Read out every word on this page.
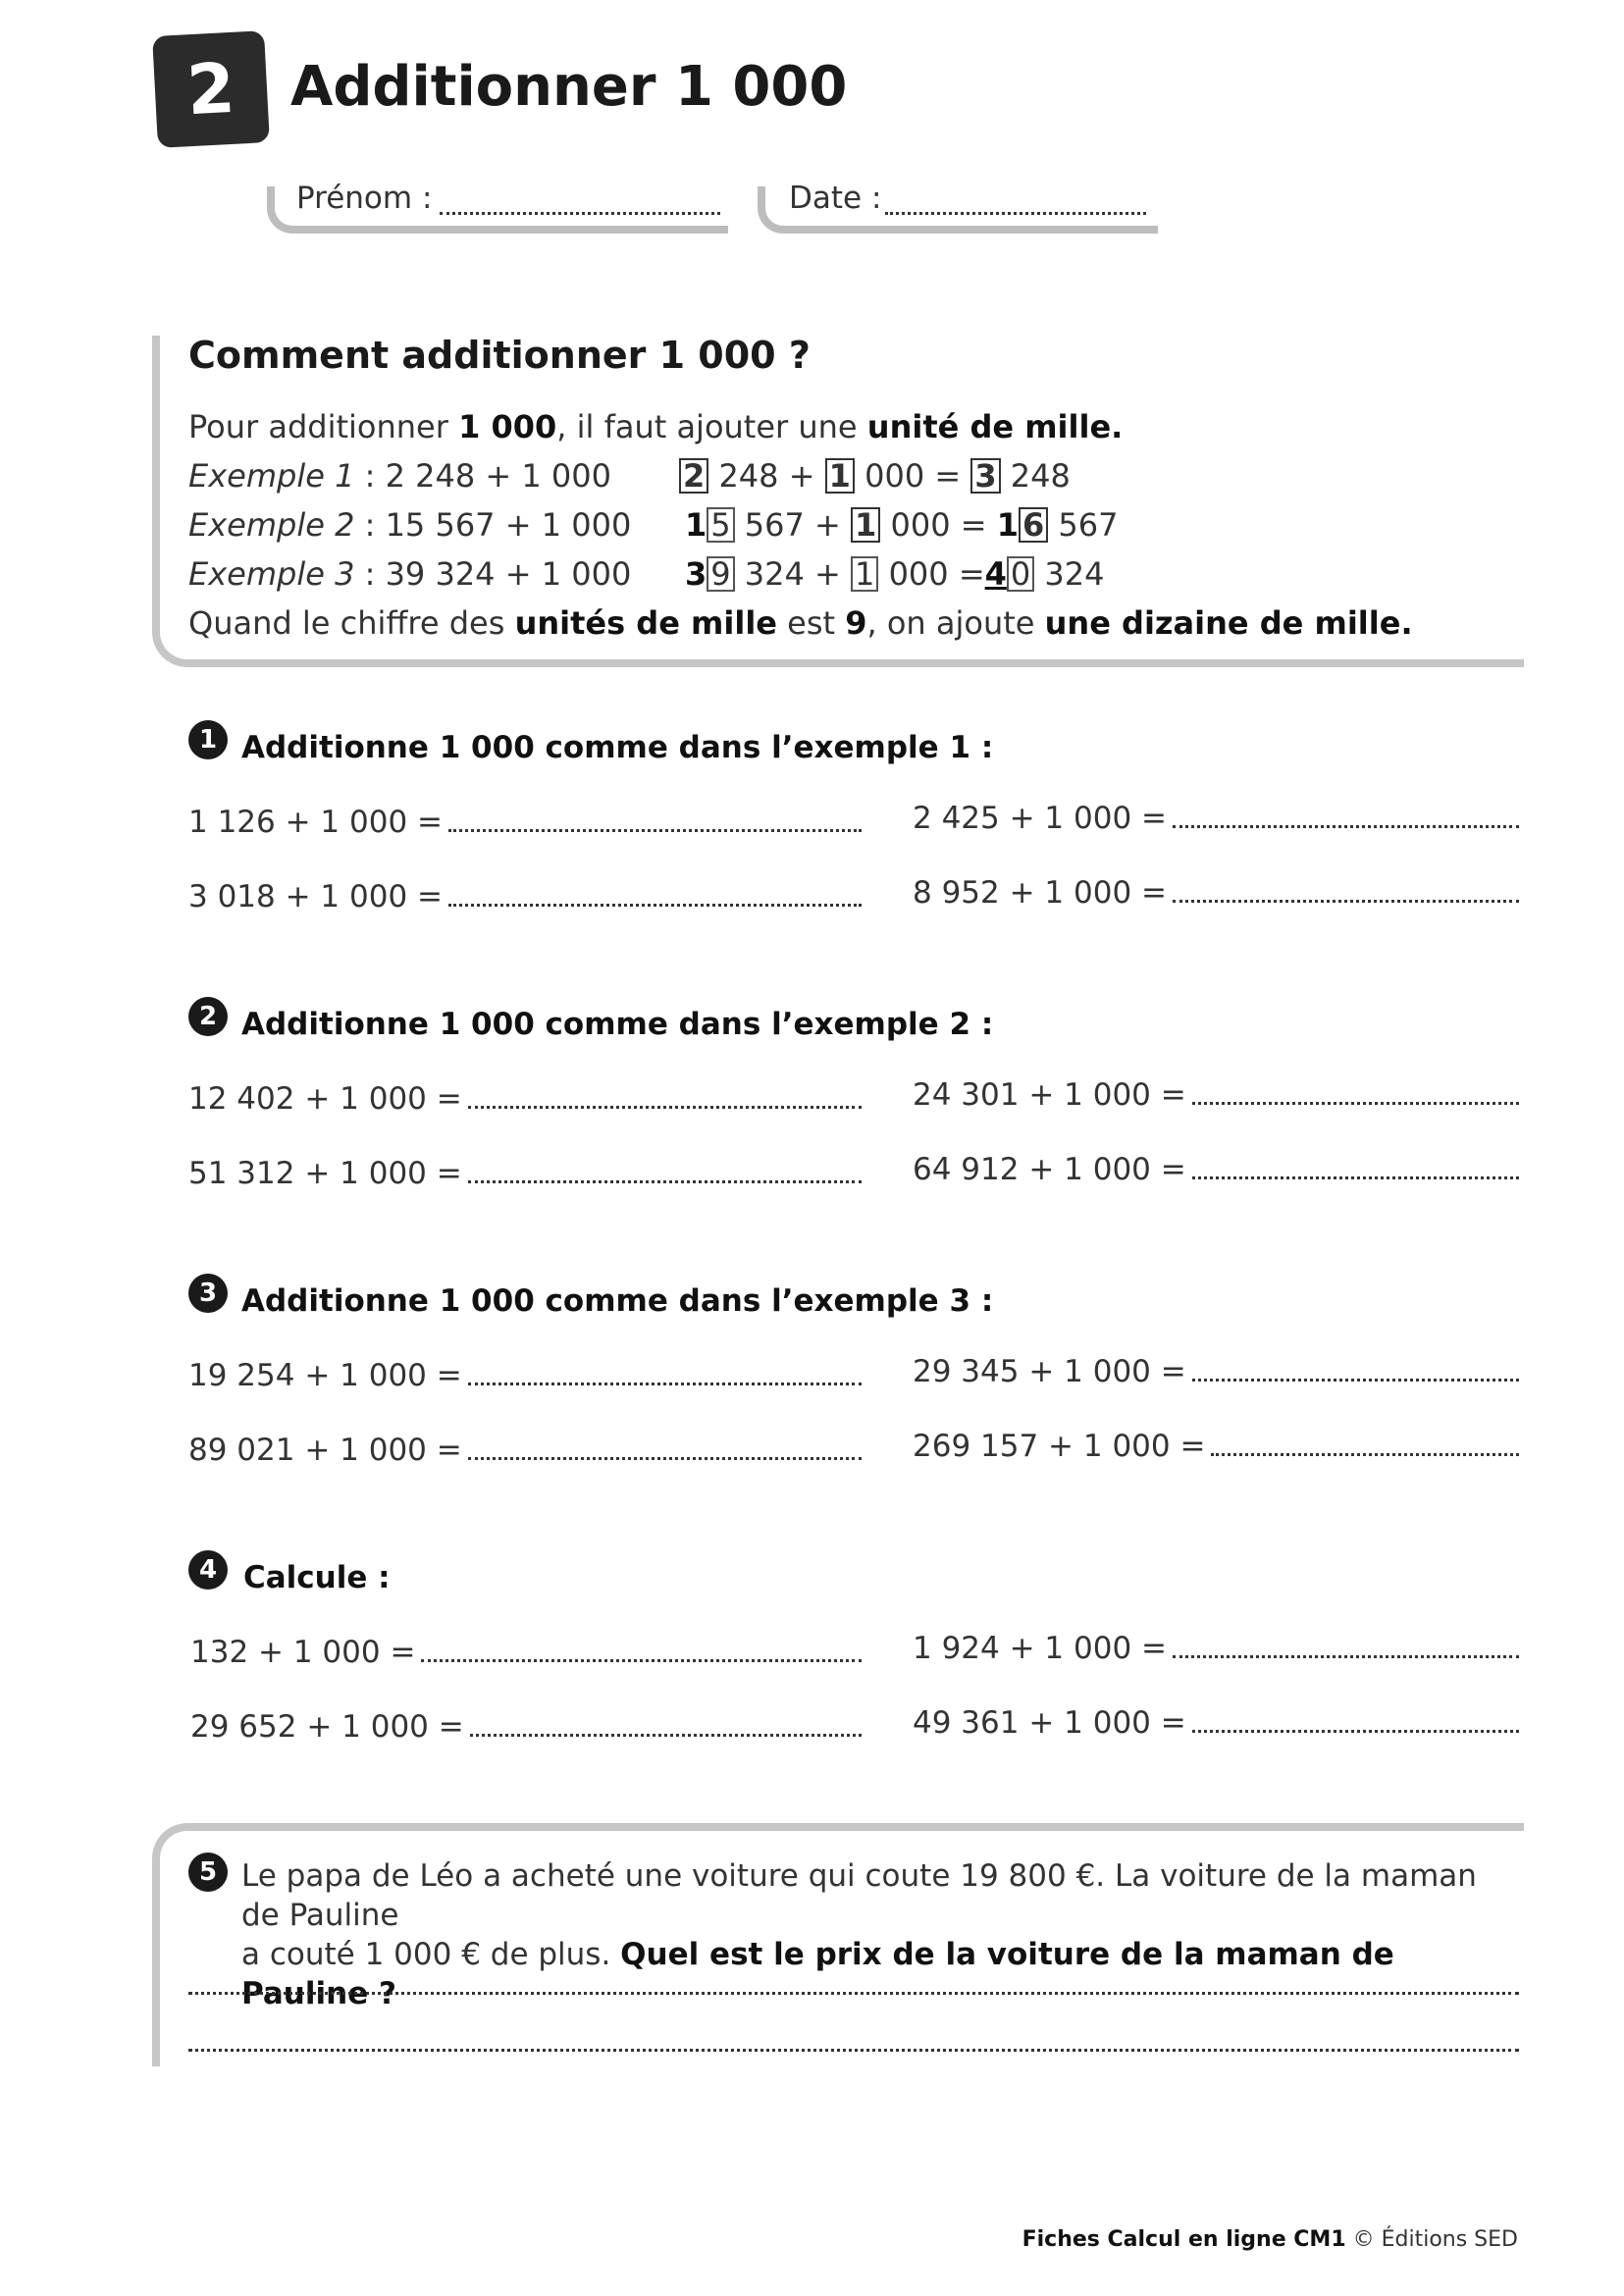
2 Additionner 1 000
Prénom :	Date :
Comment additionner 1 000 ?
Pour additionner 1 000, il faut ajouter une unité de mille.
Exemple 1 : 2 248 + 1 000 2 248 + 1 000 = 3 248
Exemple 2 : 15 567 + 1 000 1 5 567 + 1 000 = 1 6 567
Exemple 3 : 39 324 + 1 000 3 9 324 + 1 000 =4 0 324
Quand le chiffre des unités de mille est 9, on ajoute une dizaine de mille.
1 Additionne 1 000 comme dans l’exemple 1 :
1 126 + 1 000 =	2 425 + 1 000 =
3 018 + 1 000 =	8 952 + 1 000 =
2 Additionne 1 000 comme dans l’exemple 2 :
12 402 + 1 000 =	24 301 + 1 000 =
51 312 + 1 000 =	64 912 + 1 000 =
3 Additionne 1 000 comme dans l’exemple 3 :
19 254 + 1 000 =	29 345 + 1 000 =
89 021 + 1 000 =	269 157 + 1 000 =
4 Calcule :
132 + 1 000 =	1 924 + 1 000 =
29 652 + 1 000 =	49 361 + 1 000 =
5 Le papa de Léo a acheté une voiture qui coute 19 800 €. La voiture de la maman de Pauline
a couté 1 000 € de plus. Quel est le prix de la voiture de la maman de Pauline ?
Fiches Calcul en ligne CM1 © Éditions SED
